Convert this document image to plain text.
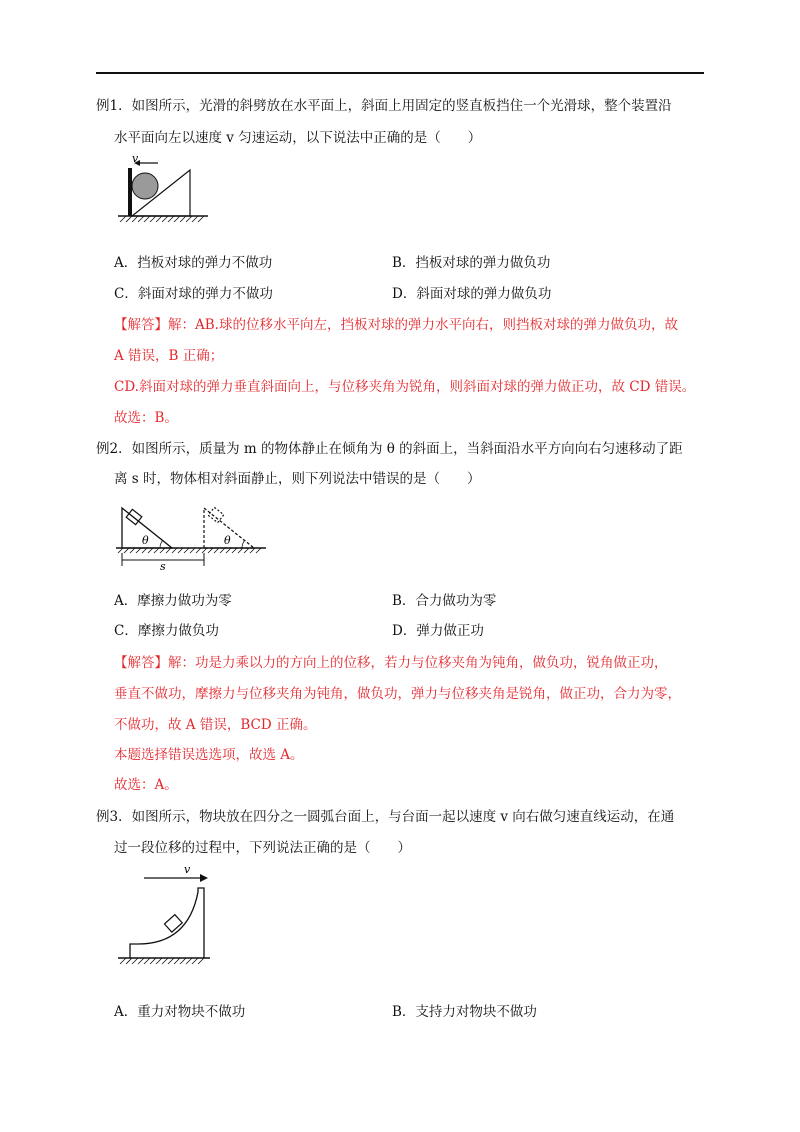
例1．如图所示，光滑的斜劈放在水平面上，斜面上用固定的竖直板挡住一个光滑球，整个装置沿
水平面向左以速度 v 匀速运动，以下说法中正确的是（　　）
v
A．挡板对球的弹力不做功	B．挡板对球的弹力做负功
C．斜面对球的弹力不做功	D．斜面对球的弹力做负功
【解答】解：AB.球的位移水平向左，挡板对球的弹力水平向右，则挡板对球的弹力做负功，故
A 错误，B 正确；
CD.斜面对球的弹力垂直斜面向上，与位移夹角为锐角，则斜面对球的弹力做正功，故 CD 错误。
故选：B。
例2．如图所示，质量为 m 的物体静止在倾角为 θ 的斜面上，当斜面沿水平方向向右匀速移动了距
离 s 时，物体相对斜面静止，则下列说法中错误的是（　　）
θ	θ
s
A．摩擦力做功为零	B．合力做功为零
C．摩擦力做负功	D．弹力做正功
【解答】解：功是力乘以力的方向上的位移，若力与位移夹角为钝角，做负功，锐角做正功，
垂直不做功，摩擦力与位移夹角为钝角，做负功，弹力与位移夹角是锐角，做正功，合力为零，
不做功，故 A 错误，BCD 正确。
本题选择错误选选项，故选 A。
故选：A。
例3．如图所示，物块放在四分之一圆弧台面上，与台面一起以速度 v 向右做匀速直线运动，在通
过一段位移的过程中，下列说法正确的是（　　）
v
A．重力对物块不做功	B．支持力对物块不做功
